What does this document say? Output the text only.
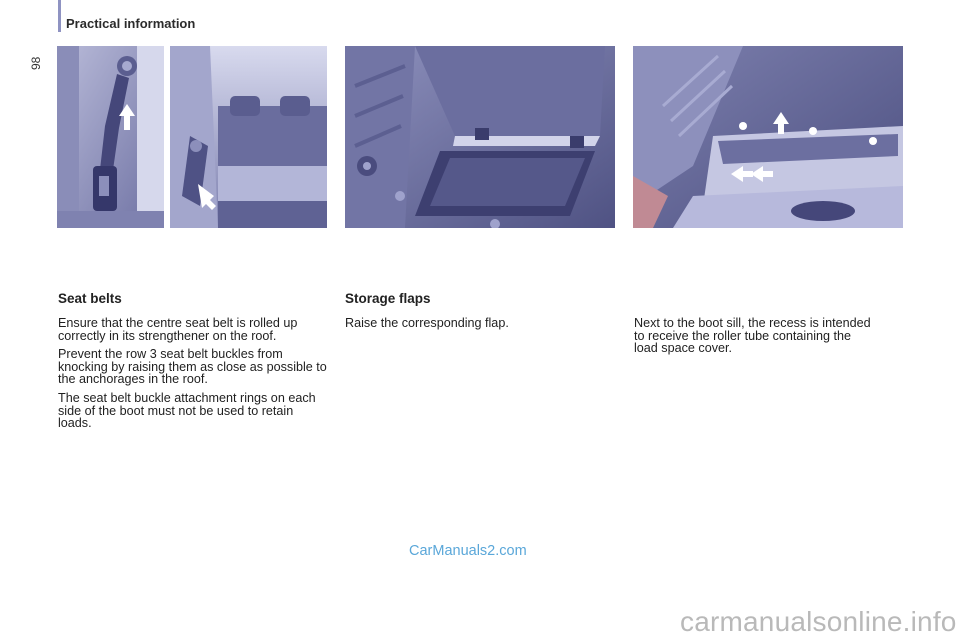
Practical information
98
Seat belts

Ensure that the centre seat belt is rolled up correctly in its strengthener on the roof.

Prevent the row 3 seat belt buckles from knocking by raising them as close as possible to the anchorages in the roof.

The seat belt buckle attachment rings on each side of the boot must not be used to retain loads.

Storage flaps

Raise the corresponding flap.	Next to the boot sill, the recess is intended to receive the roller tube containing the load space cover.

CarManuals2.com
carmanualsonline.info
